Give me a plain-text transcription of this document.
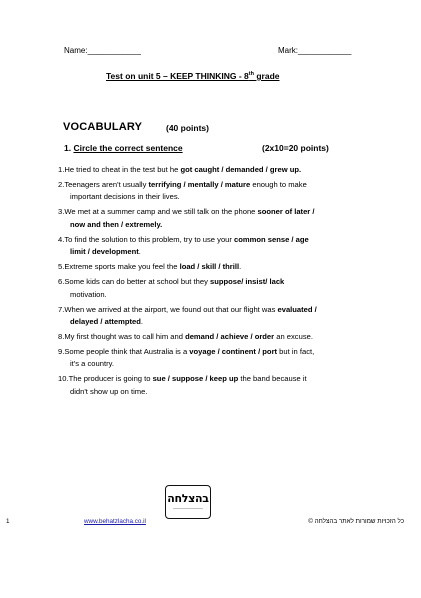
Name:____________	Mark:____________
Test on unit 5 – KEEP THINKING - 8th grade
VOCABULARY	(40 points)
1. Circle the correct sentence	(2x10=20 points)
1.He tried to cheat in the test but he got caught / demanded / grew up.
2.Teenagers aren't usually terrifying / mentally / mature enough to make
important decisions in their lives.
3.We met at a summer camp and we still talk on the phone sooner of later /
now and then / extremely.
4.To find the solution to this problem, try to use your common sense / age
limit / development.
5.Extreme sports make you feel the load / skill / thrill.
6.Some kids can do better at school but they suppose/ insist/ lack
motivation.
7.When we arrived at the airport, we found out that our flight was evaluated /
delayed / attempted.
8.My first thought was to call him and demand / achieve / order an excuse.
9.Some people think that Australia is a voyage / continent / port but in fact,
it's a country.
10.The producer is going to sue / suppose / keep up the band because it
didn't show up on time.
בהצלחה
────────────
1	www.behatzlacha.co.il	כל הזכויות שמורות לאתר בהצלחה ©
